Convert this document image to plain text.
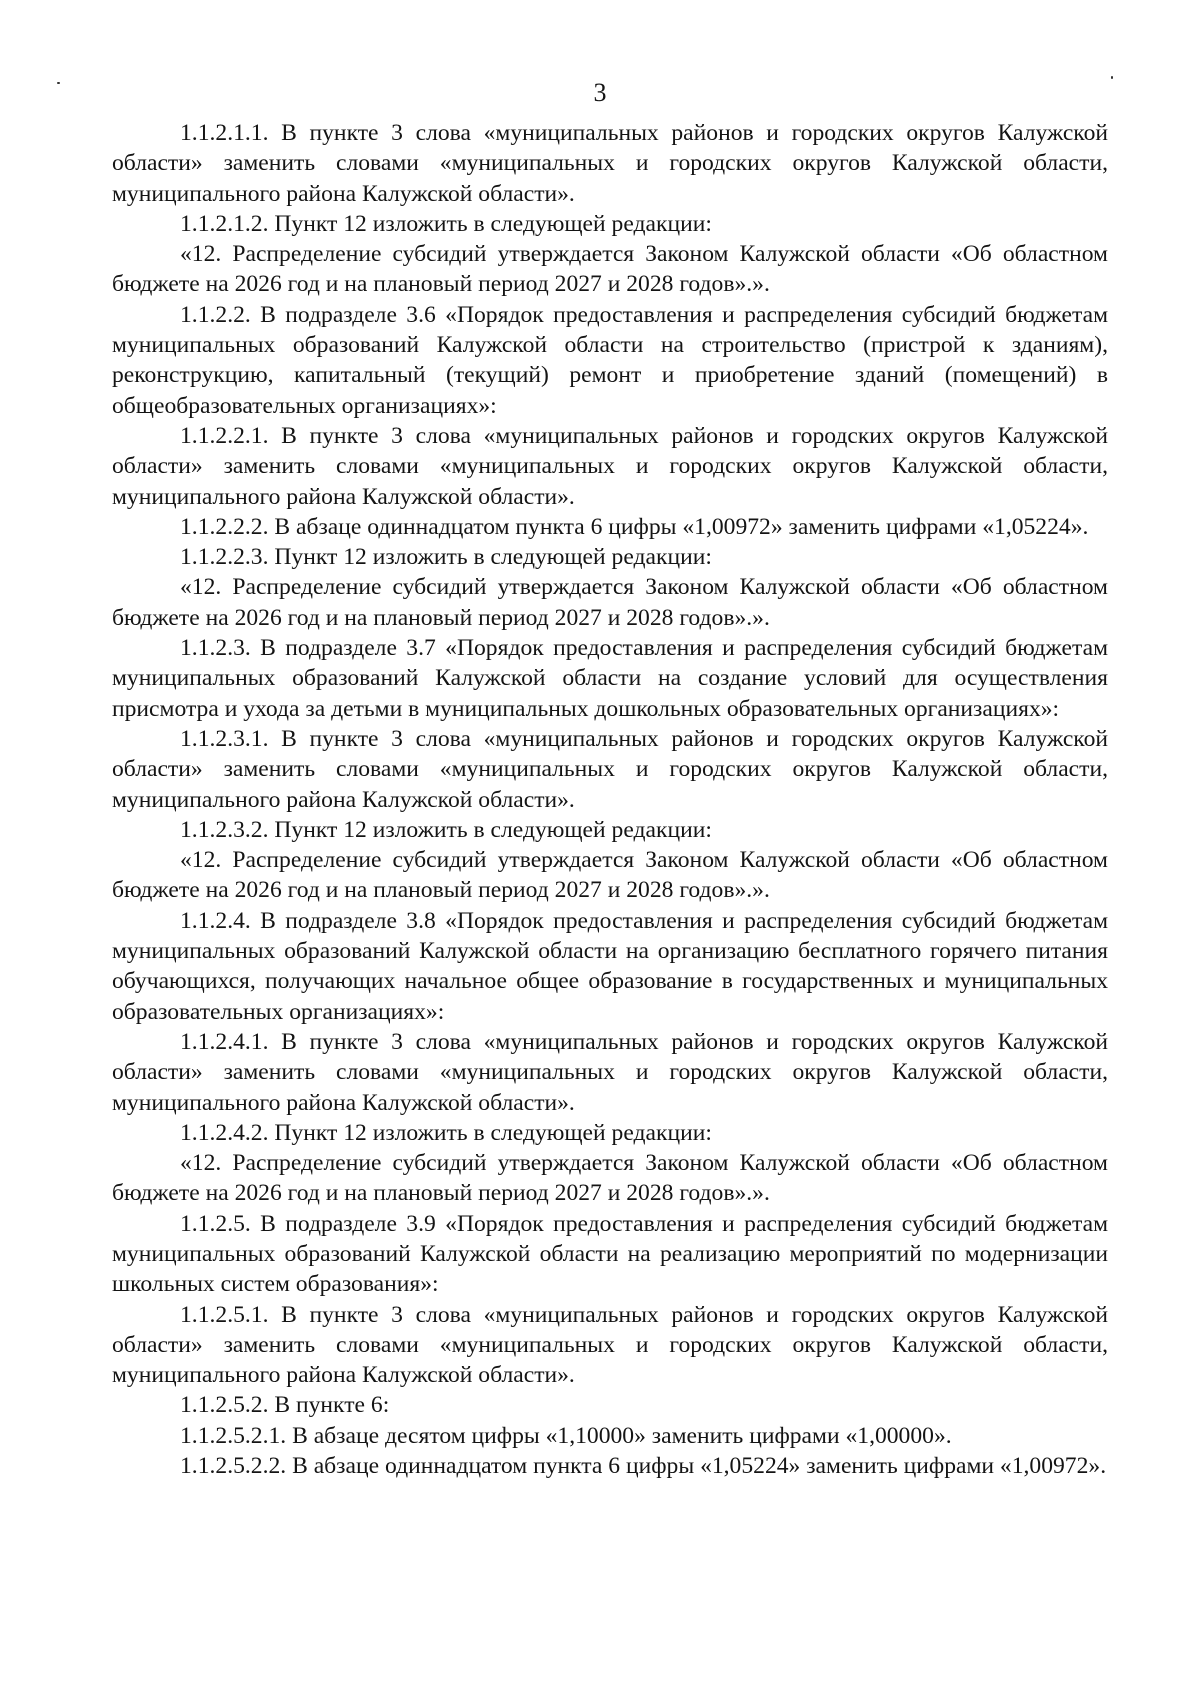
3

1.1.2.1.1. В пункте 3 слова «муниципальных районов и городских округов Калужской области» заменить словами «муниципальных и городских округов Калужской области, муниципального района Калужской области».

1.1.2.1.2. Пункт 12 изложить в следующей редакции:

«12. Распределение субсидий утверждается Законом Калужской области «Об областном бюджете на 2026 год и на плановый период 2027 и 2028 годов».».

1.1.2.2. В подразделе 3.6 «Порядок предоставления и распределения субсидий бюджетам муниципальных образований Калужской области на строительство (пристрой к зданиям), реконструкцию, капитальный (текущий) ремонт и приобретение зданий (помещений) в общеобразовательных организациях»:

1.1.2.2.1. В пункте 3 слова «муниципальных районов и городских округов Калужской области» заменить словами «муниципальных и городских округов Калужской области, муниципального района Калужской области».

1.1.2.2.2. В абзаце одиннадцатом пункта 6 цифры «1,00972» заменить цифрами «1,05224».

1.1.2.2.3. Пункт 12 изложить в следующей редакции:

«12. Распределение субсидий утверждается Законом Калужской области «Об областном бюджете на 2026 год и на плановый период 2027 и 2028 годов».».

1.1.2.3. В подразделе 3.7 «Порядок предоставления и распределения субсидий бюджетам муниципальных образований Калужской области на создание условий для осуществления присмотра и ухода за детьми в муниципальных дошкольных образовательных организациях»:

1.1.2.3.1. В пункте 3 слова «муниципальных районов и городских округов Калужской области» заменить словами «муниципальных и городских округов Калужской области, муниципального района Калужской области».

1.1.2.3.2. Пункт 12 изложить в следующей редакции:

«12. Распределение субсидий утверждается Законом Калужской области «Об областном бюджете на 2026 год и на плановый период 2027 и 2028 годов».».

1.1.2.4. В подразделе 3.8 «Порядок предоставления и распределения субсидий бюджетам муниципальных образований Калужской области на организацию бесплатного горячего питания обучающихся, получающих начальное общее образование в государственных и муниципальных образовательных организациях»:

1.1.2.4.1. В пункте 3 слова «муниципальных районов и городских округов Калужской области» заменить словами «муниципальных и городских округов Калужской области, муниципального района Калужской области».

1.1.2.4.2. Пункт 12 изложить в следующей редакции:

«12. Распределение субсидий утверждается Законом Калужской области «Об областном бюджете на 2026 год и на плановый период 2027 и 2028 годов».».

1.1.2.5. В подразделе 3.9 «Порядок предоставления и распределения субсидий бюджетам муниципальных образований Калужской области на реализацию мероприятий по модернизации школьных систем образования»:

1.1.2.5.1. В пункте 3 слова «муниципальных районов и городских округов Калужской области» заменить словами «муниципальных и городских округов Калужской области, муниципального района Калужской области».

1.1.2.5.2. В пункте 6:

1.1.2.5.2.1. В абзаце десятом цифры «1,10000» заменить цифрами «1,00000».

1.1.2.5.2.2. В абзаце одиннадцатом пункта 6 цифры «1,05224» заменить цифрами «1,00972».
